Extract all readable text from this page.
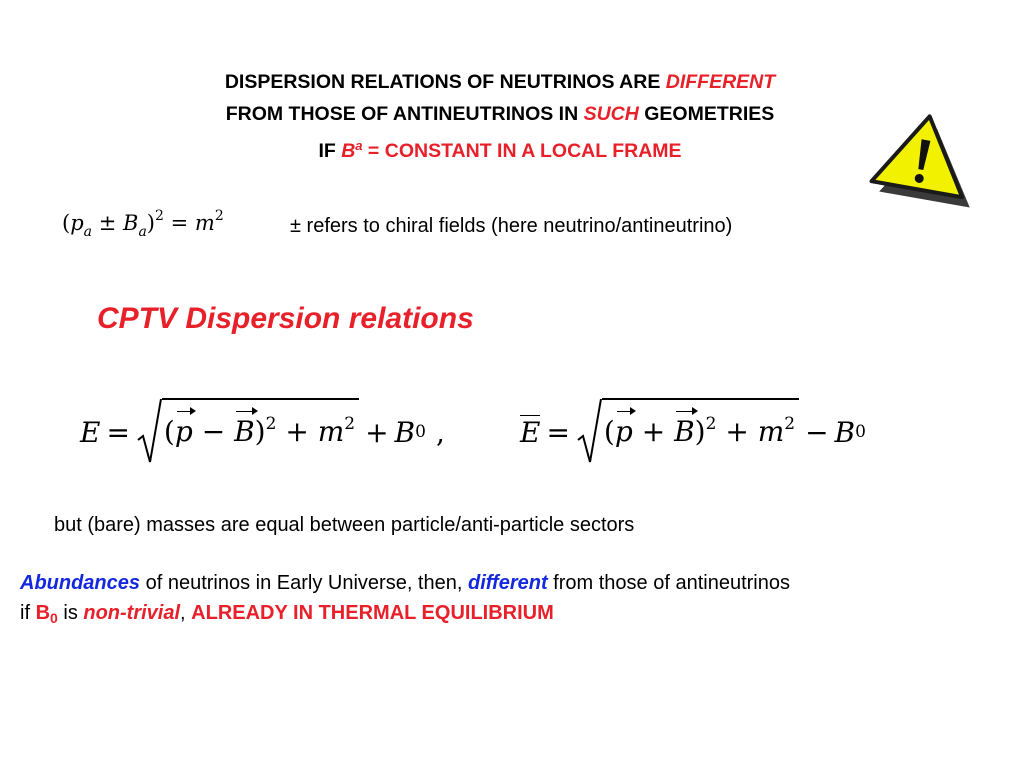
DISPERSION RELATIONS OF NEUTRINOS ARE DIFFERENT
FROM THOSE OF ANTINEUTRINOS IN SUCH GEOMETRIES
IF $B^a$ = CONSTANT IN A LOCAL FRAME
$(p_a \pm B_a)^2 = m^2$	± refers to chiral fields (here neutrino/antineutrino)
CPTV Dispersion relations
$E = (p - B)^2 + m^2 + B$ 0 ,	$E = (p + B)^2 + m^2 - B$ 0
but (bare) masses are equal between particle/anti-particle sectors
Abundances of neutrinos in Early Universe, then, different from those of antineutrinos
if $B_0$ is non-trivial, ALREADY IN THERMAL EQUILIBRIUM
